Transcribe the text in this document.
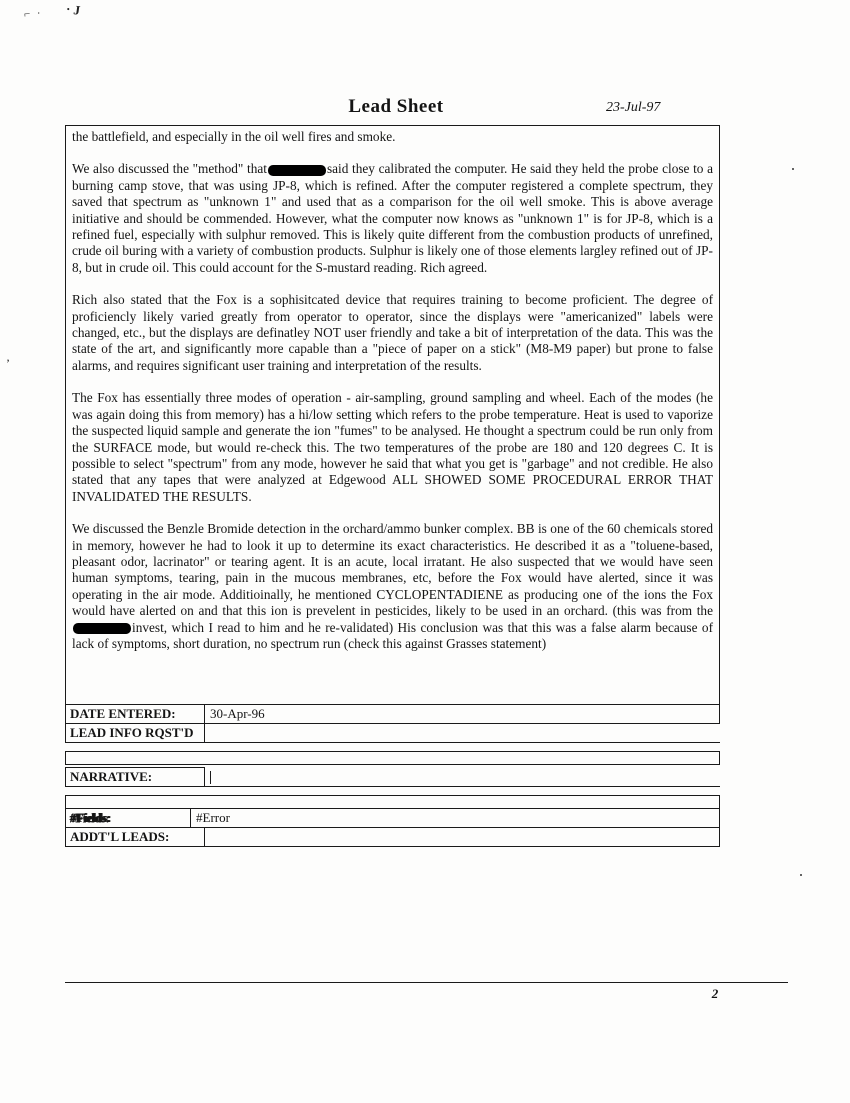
⌐ · · J
’
Lead Sheet	23-Jul-97

the battlefield, and especially in the oil well fires and smoke.

We also discussed the "method" that	said they calibrated the computer. He said they held the probe close to a burning camp stove, that was using JP-8, which is refined. After the computer registered a complete spectrum, they saved that spectrum as "unknown 1" and used that as a comparison for the oil well smoke. This is above average initiative and should be commended. However, what the computer now knows as "unknown 1" is for JP-8, which is a refined fuel, especially with sulphur removed. This is likely quite different from the combustion products of unrefined, crude oil buring with a variety of combustion products. Sulphur is likely one of those elements largley refined out of JP-8, but in crude oil. This could account for the S-mustard reading. Rich agreed.

Rich also stated that the Fox is a sophisitcated device that requires training to become proficient. The degree of proficiencly likely varied greatly from operator to operator, since the displays were "americanized" labels were changed, etc., but the displays are definatley NOT user friendly and take a bit of interpretation of the data. This was the state of the art, and significantly more capable than a "piece of paper on a stick" (M8-M9 paper) but prone to false alarms, and requires significant user training and interpretation of the results.

The Fox has essentially three modes of operation - air-sampling, ground sampling and wheel. Each of the modes (he was again doing this from memory) has a hi/low setting which refers to the probe temperature. Heat is used to vaporize the suspected liquid sample and generate the ion "fumes" to be analysed. He thought a spectrum could be run only from the SURFACE mode, but would re-check this. The two temperatures of the probe are 180 and 120 degrees C. It is possible to select "spectrum" from any mode, however he said that what you get is "garbage" and not credible. He also stated that any tapes that were analyzed at Edgewood ALL SHOWED SOME PROCEDURAL ERROR THAT INVALIDATED THE RESULTS.

We discussed the Benzle Bromide detection in the orchard/ammo bunker complex. BB is one of the 60 chemicals stored in memory, however he had to look it up to determine its exact characteristics. He described it as a "toluene-based, pleasant odor, lacrinator" or tearing agent. It is an acute, local irratant. He also suspected that we would have seen human symptoms, tearing, pain in the mucous membranes, etc, before the Fox would have alerted, since it was operating in the air mode. Additioinally, he mentioned CYCLOPENTADIENE as producing one of the ions the Fox would have alerted on and that this ion is prevelent in pesticides, likely to be used in an orchard. (this was from theinvest, which I read to him and he re-validated) His conclusion was that this was a false alarm because of lack of symptoms, short duration, no spectrum run (check this against Grasses statement)

DATE ENTERED:	30-Apr-96
LEAD INFO RQST'D
NARRATIVE:
#Fields:	#Error
ADDT'L LEADS:
2
